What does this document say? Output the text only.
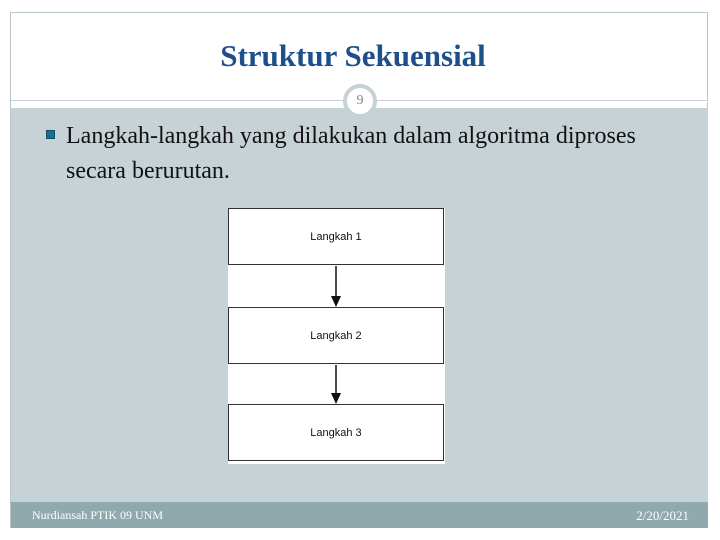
Struktur Sekuensial
9
Langkah-langkah yang dilakukan dalam algoritma diproses secara berurutan.
Langkah 1
Langkah 2
Langkah 3
Nurdiansah PTIK 09 UNM	2/20/2021
